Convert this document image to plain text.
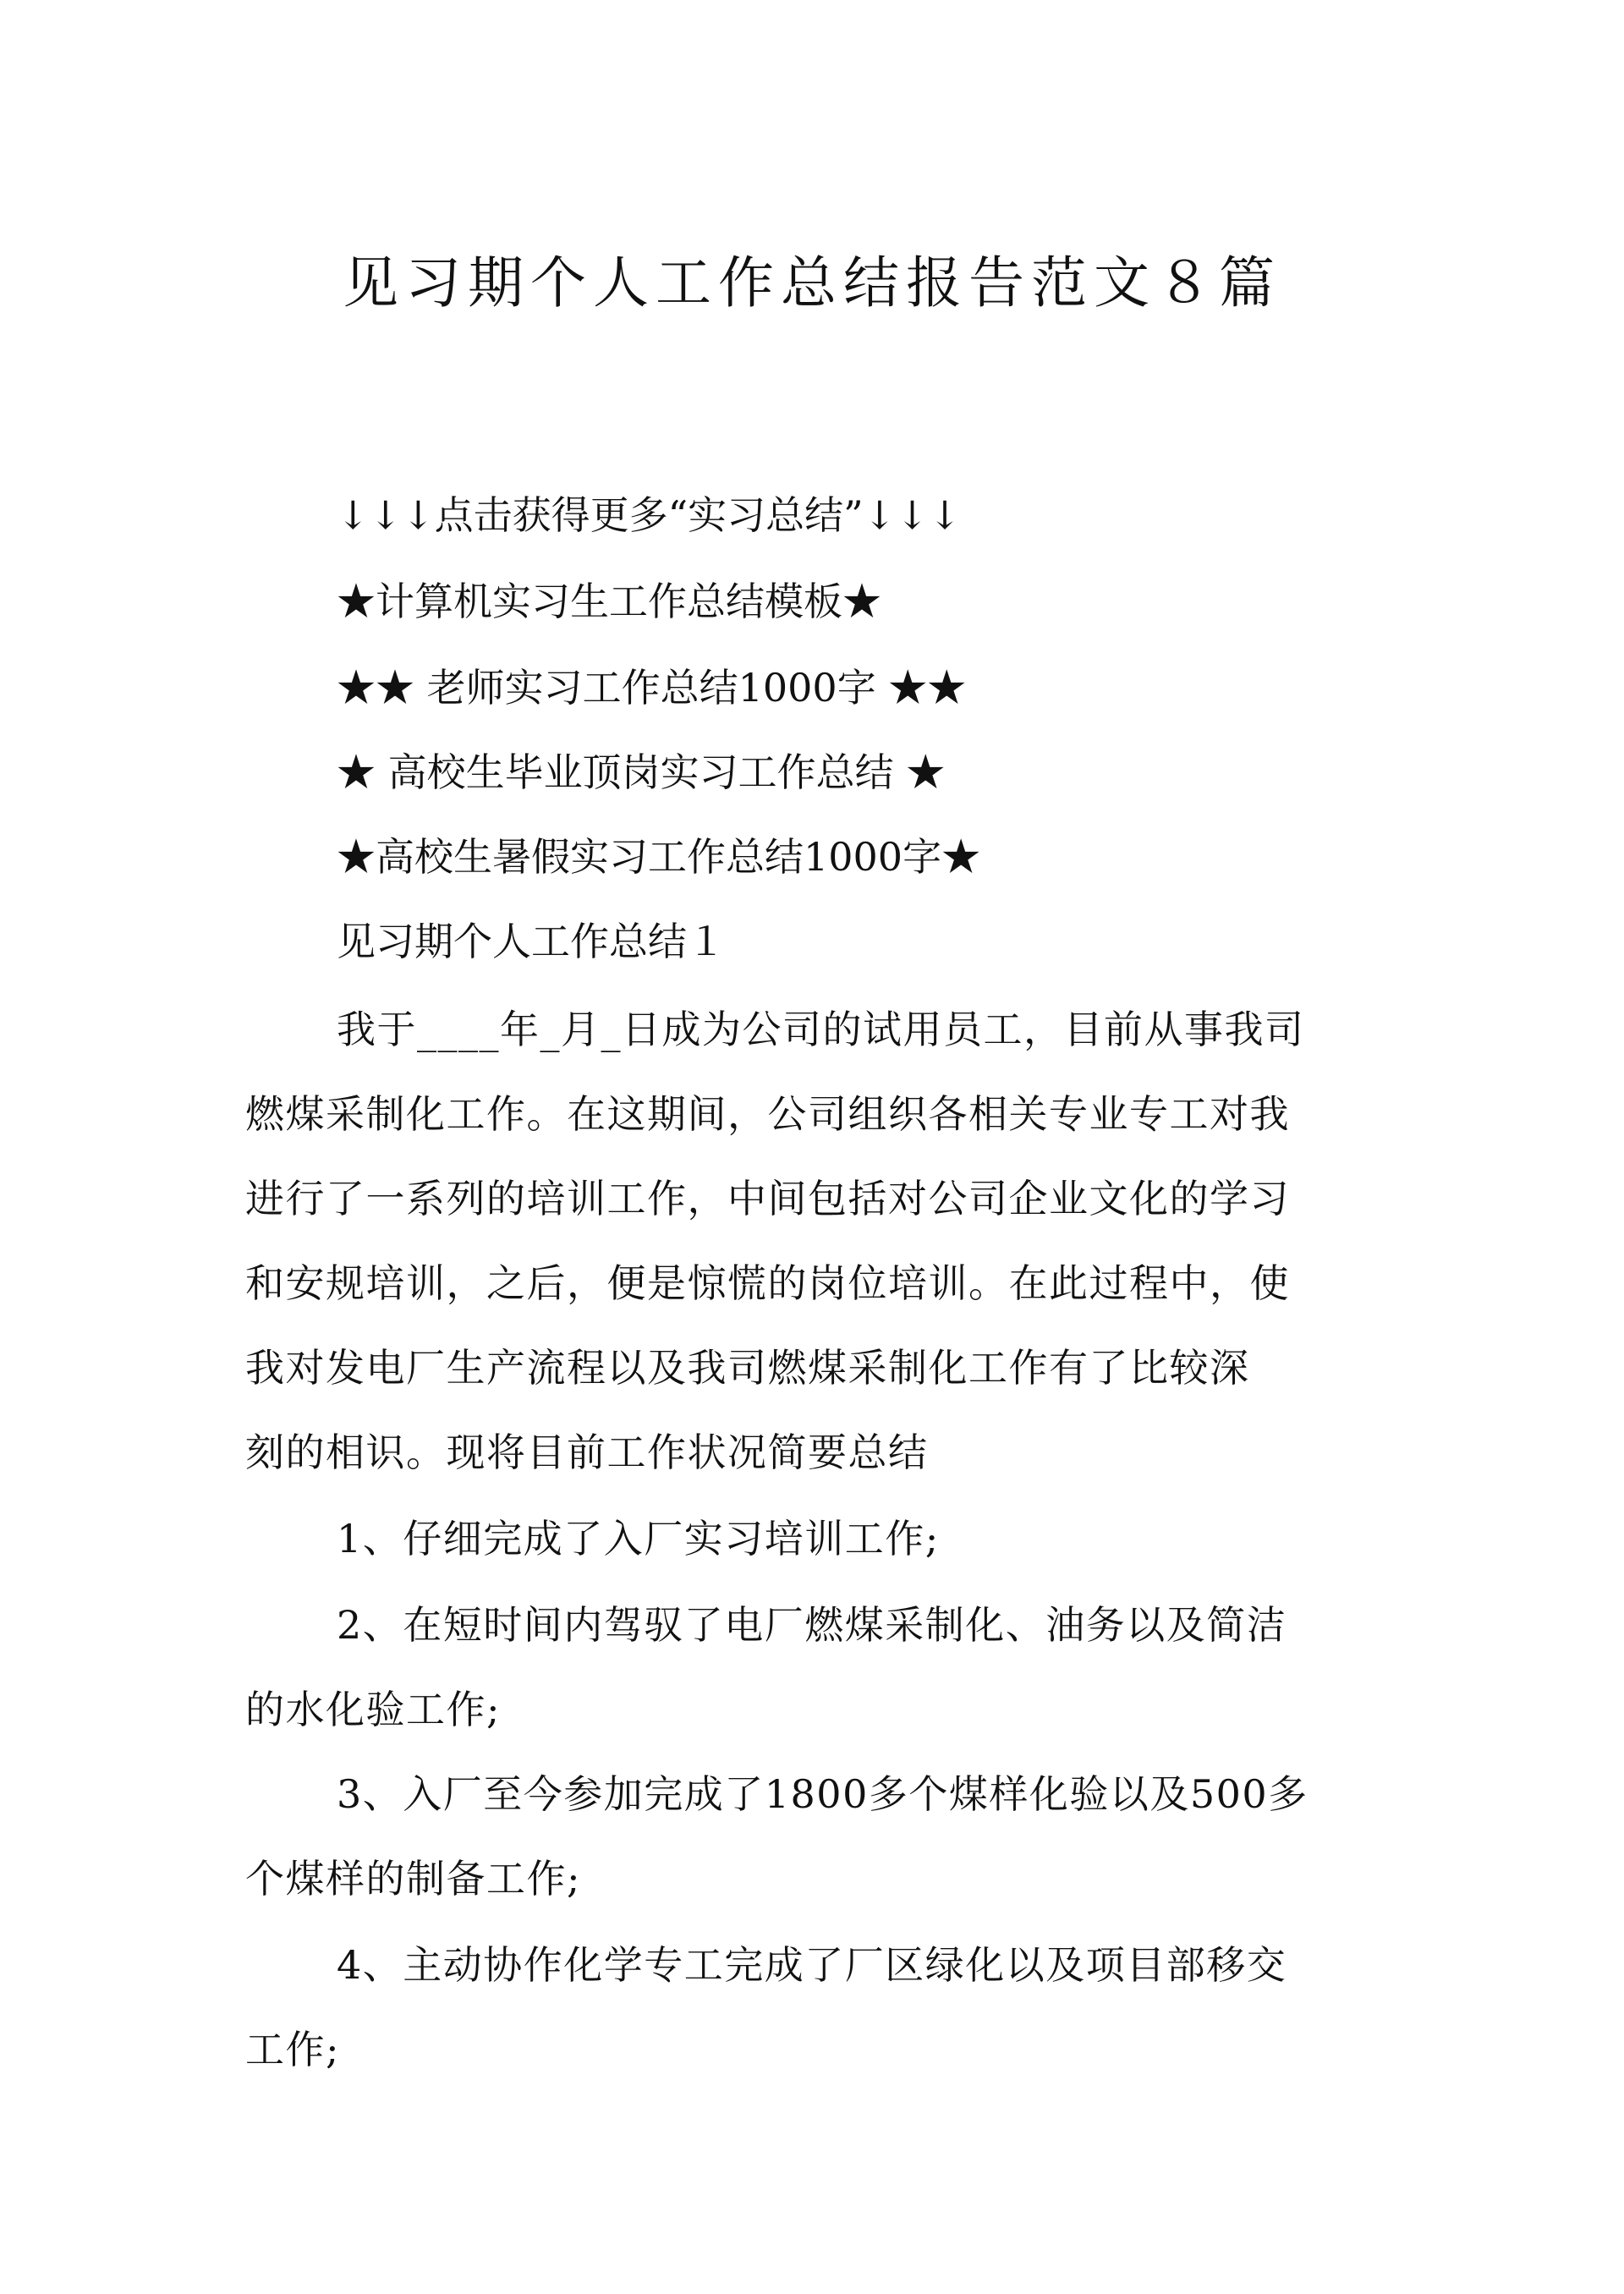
见习期个人工作总结报告范文８篇
↓↓↓点击获得更多“实习总结”↓↓↓
★计算机实习生工作总结模板★
★★ 老师实习工作总结1000字 ★★
★ 高校生毕业顶岗实习工作总结 ★
★高校生暑假实习工作总结1000字★
见习期个人工作总结１
我于____年_月_日成为公司的试用员工，目前从事我司
燃煤采制化工作。在这期间，公司组织各相关专业专工对我
进行了一系列的培训工作，中间包括对公司企业文化的学习
和安规培训，之后，便是惊慌的岗位培训。在此过程中，使
我对发电厂生产流程以及我司燃煤采制化工作有了比较深
刻的相识。现将目前工作状况简要总结
1、仔细完成了入厂实习培训工作;
2、在短时间内驾驭了电厂燃煤采制化、油务以及简洁
的水化验工作;
3、入厂至今参加完成了1800多个煤样化验以及500多
个煤样的制备工作;
4、主动协作化学专工完成了厂区绿化以及项目部移交
工作;
